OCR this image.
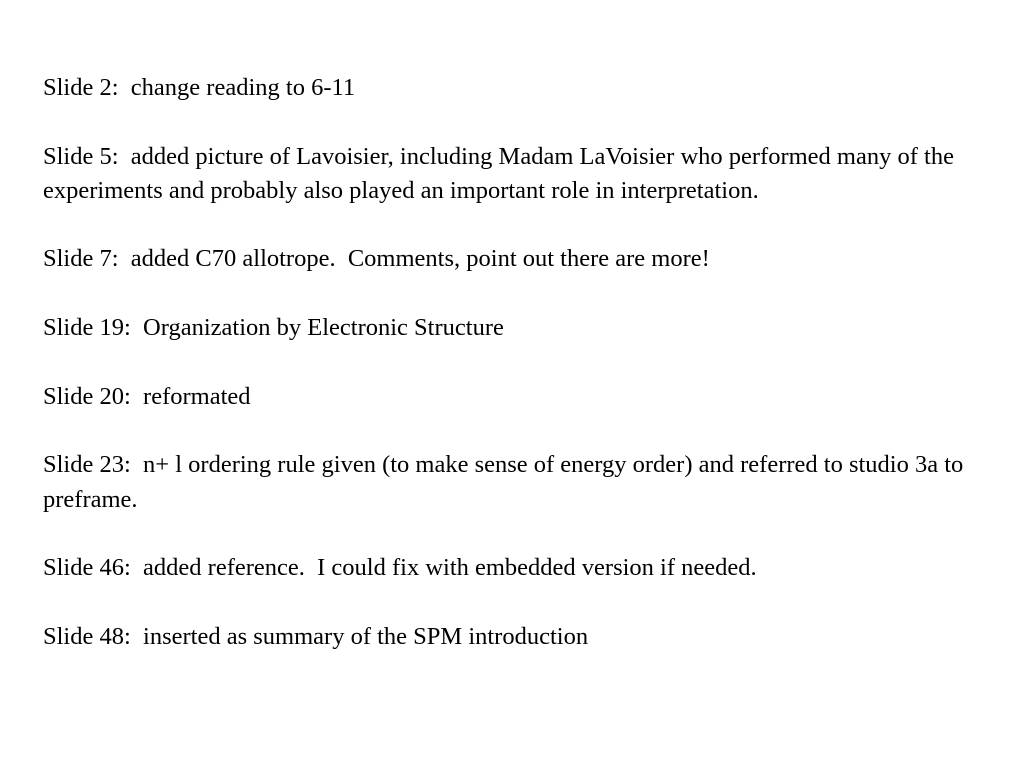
Slide 2:  change reading to 6-11

Slide 5:  added picture of Lavoisier, including Madam LaVoisier who performed many of the experiments and probably also played an important role in interpretation.

Slide 7:  added C70 allotrope.  Comments, point out there are more!

Slide 19:  Organization by Electronic Structure

Slide 20:  reformated

Slide 23:  n+ l ordering rule given (to make sense of energy order) and referred to studio 3a to preframe.

Slide 46:  added reference.  I could fix with embedded version if needed.

Slide 48:  inserted as summary of the SPM introduction
